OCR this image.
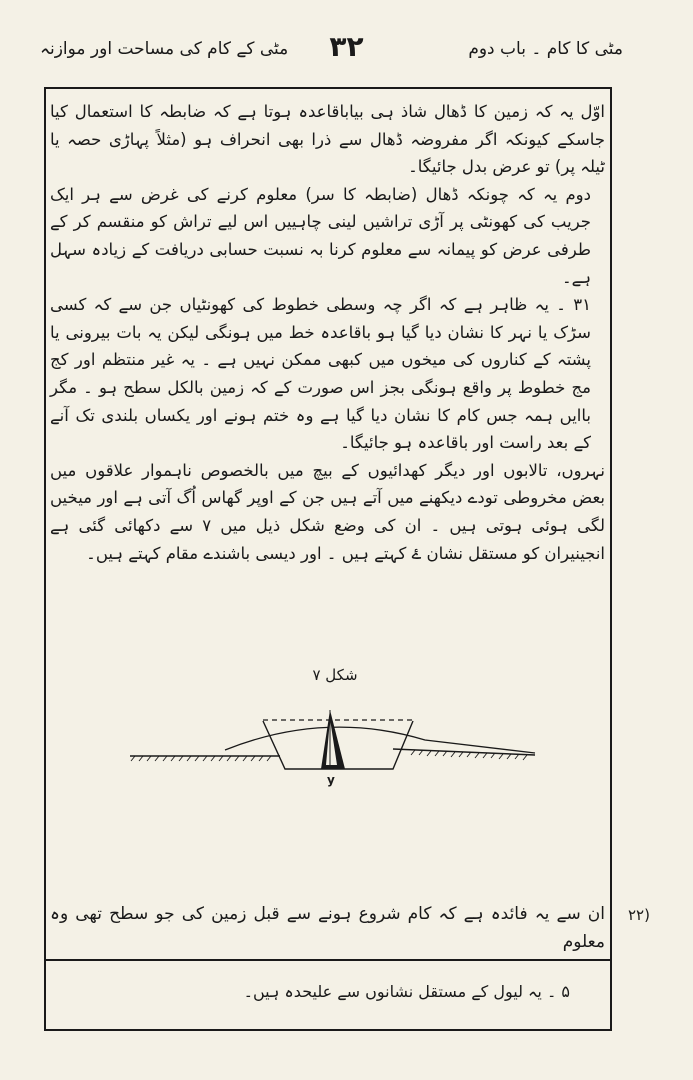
مٹی کے کام کی مساحت اور موازنہ ۳۲	مٹی کا کام ۔ باب دوم

اوّل یہ کہ زمین کا ڈھال شاذ ہی بیاباقاعدہ ہوتا ہے کہ ضابطہ کا استعمال کیا جاسکے کیونکہ اگر مفروضہ ڈھال سے ذرا بھی انحراف ہو (مثلاً پہاڑی حصہ یا ٹیلہ پر) تو عرض بدل جائیگا۔

دوم یہ کہ چونکہ ڈھال (ضابطہ کا سر) معلوم کرنے کی غرض سے ہر ایک جریب کی کھونٹی پر آڑی تراشیں لینی چاہییں اس لیے تراش کو منقسم کر کے طرفی عرض کو پیمانہ سے معلوم کرنا بہ نسبت حسابی دریافت کے زیادہ سہل ہے۔

۳۱ ۔ یہ ظاہر ہے کہ اگر چہ وسطی خطوط کی کھونٹیاں جن سے کہ کسی سڑک یا نہر کا نشان دیا گیا ہو باقاعدہ خط میں ہونگی لیکن یہ بات بیرونی یا پشتہ کے کناروں کی میخوں میں کبھی ممکن نہیں ہے ۔ یہ غیر منتظم اور کج مج خطوط پر واقع ہونگی بجز اس صورت کے کہ زمین بالکل سطح ہو ۔ مگر باایں ہمہ جس کام کا نشان دیا گیا ہے وہ ختم ہونے اور یکساں بلندی تک آنے کے بعد راست اور باقاعدہ ہو جائیگا۔

نہروں، تالابوں اور دیگر کھدائیوں کے بیچ میں بالخصوص ناہموار علاقوں میں بعض مخروطی تودے دیکھنے میں آتے ہیں جن کے اوپر گھاس اُگ آتی ہے اور میخیں لگی ہوئی ہوتی ہیں ۔ ان کی وضع شکل ذیل میں ۷ سے دکھائی گئی ہے انجینیران کو مستقل نشان ۓ کہتے ہیں ۔ اور دیسی باشندے مقام کہتے ہیں۔

شکل ۷
y
ان سے یہ فائدہ ہے کہ کام شروع ہونے سے قبل زمین کی جو سطح تھی وہ معلوم
(۲۲
۵ ۔ یہ لیول کے مستقل نشانوں سے علیحدہ ہیں۔
